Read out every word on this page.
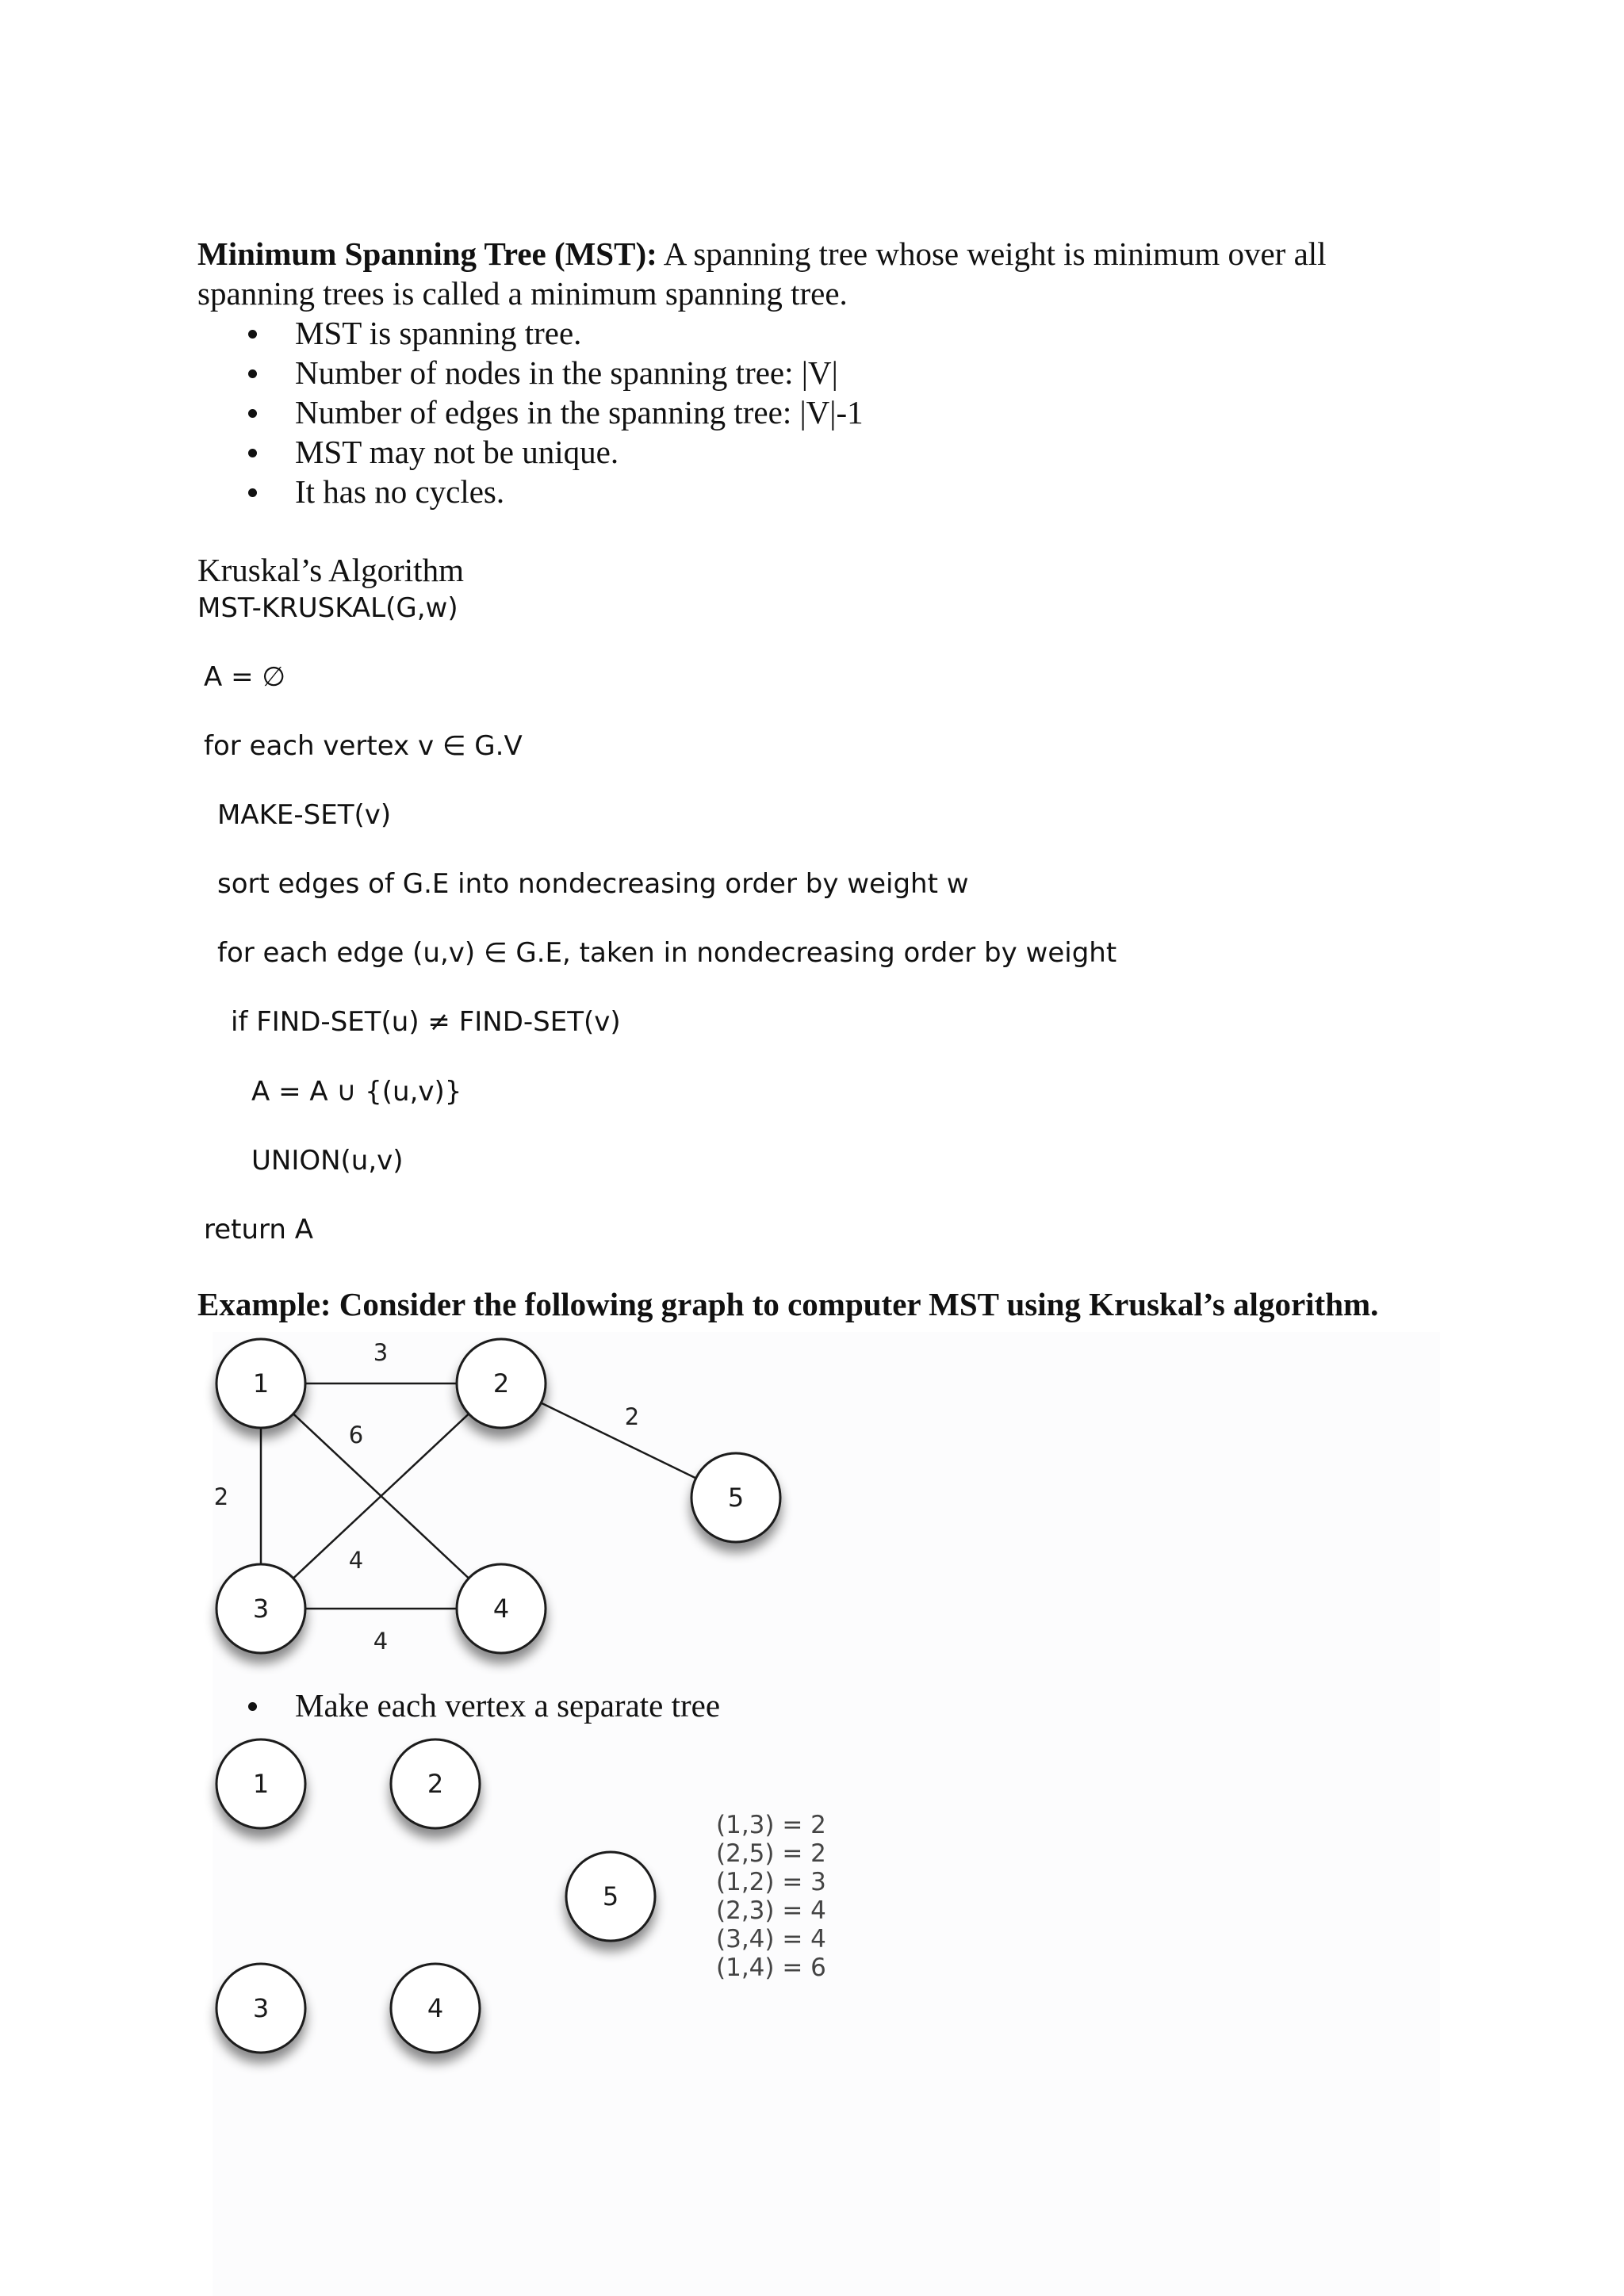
Minimum Spanning Tree (MST): A spanning tree whose weight is minimum over all spanning trees is called a minimum spanning tree.

MST is spanning tree.
Number of nodes in the spanning tree: |V|
Number of edges in the spanning tree: |V|-1
MST may not be unique.
It has no cycles.

Kruskal’s Algorithm

MST-KRUSKAL(G,w)
A = ∅
for each vertex v ∈ G.V
MAKE-SET(v)
sort edges of G.E into nondecreasing order by weight w
for each edge (u,v) ∈ G.E, taken in nondecreasing order by weight
if FIND-SET(u) ≠ FIND-SET(v)
A = A ∪ {(u,v)}
UNION(u,v)
return A

Example: Consider the following graph to computer MST using Kruskal’s algorithm.

3
6
2
2
4
4
1	2
3	4
5
1	2
5
3	4
Make each vertex a separate tree
(1,3) = 2
(2,5) = 2
(1,2) = 3
(2,3) = 4
(3,4) = 4
(1,4) = 6
